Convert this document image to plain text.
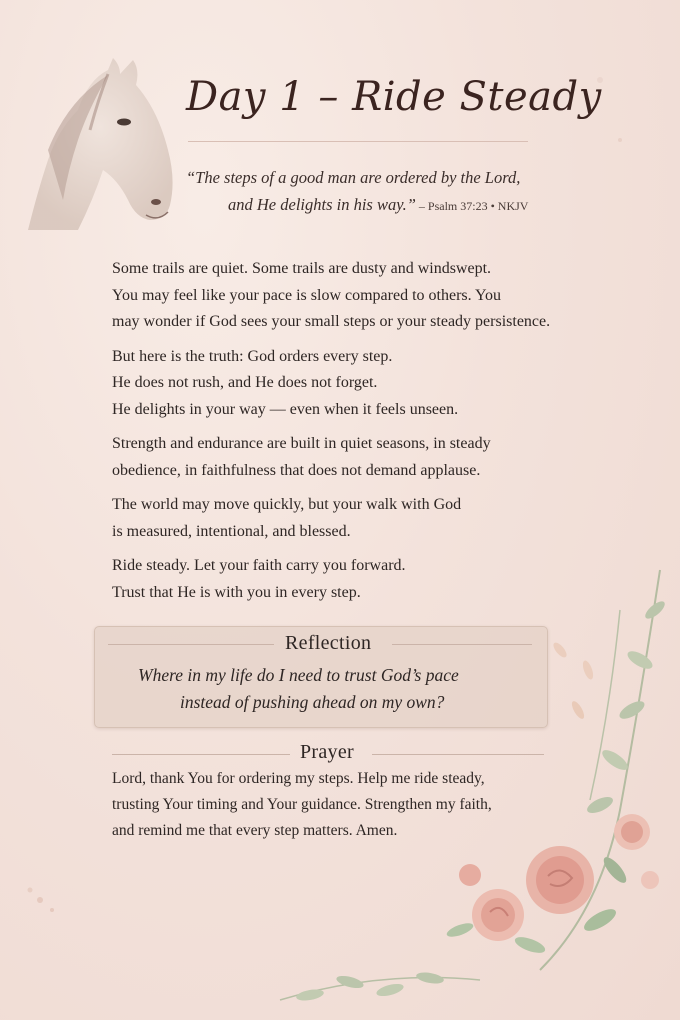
Day 1 – Ride Steady
“The steps of a good man are ordered by the Lord,
and He delights in his way.” – Psalm 37:23 • NKJV
Some trails are quiet. Some trails are dusty and windswept.
You may feel like your pace is slow compared to others. You
may wonder if God sees your small steps or your steady persistence.
But here is the truth: God orders every step.
He does not rush, and He does not forget.
He delights in your way — even when it feels unseen.
Strength and endurance are built in quiet seasons, in steady
obedience, in faithfulness that does not demand applause.
The world may move quickly, but your walk with God
is measured, intentional, and blessed.
Ride steady. Let your faith carry you forward.
Trust that He is with you in every step.
Reflection
Where in my life do I need to trust God’s pace
instead of pushing ahead on my own?
Prayer
Lord, thank You for ordering my steps. Help me ride steady,
trusting Your timing and Your guidance. Strengthen my faith,
and remind me that every step matters. Amen.
